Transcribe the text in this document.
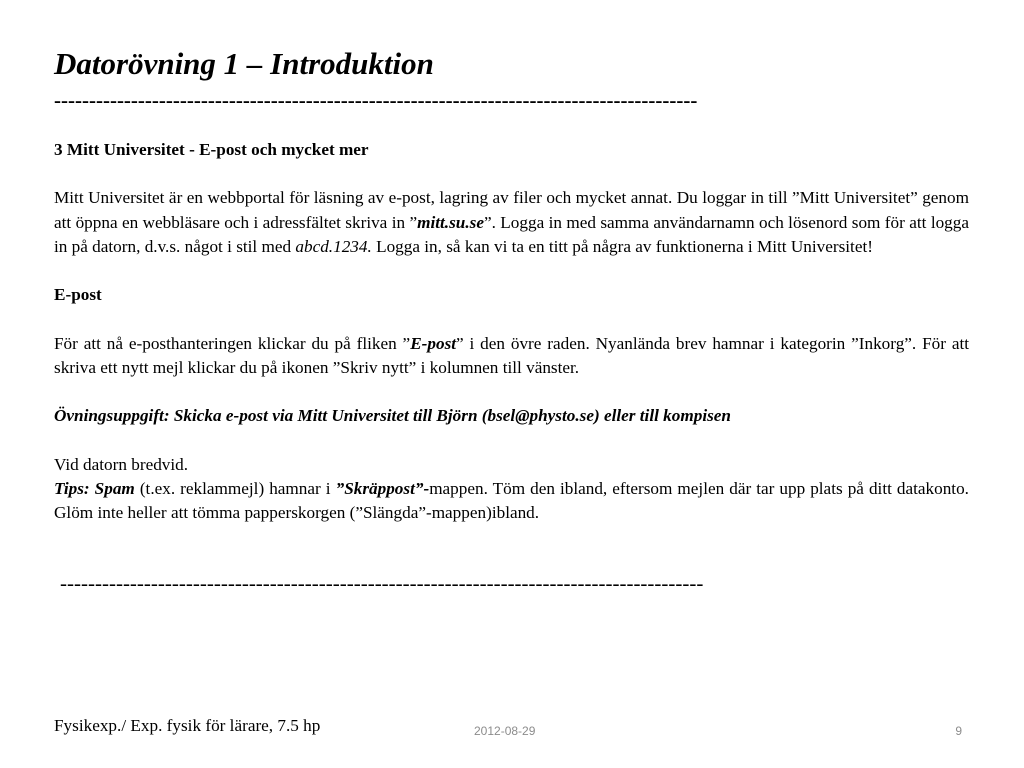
Datorövning 1 – Introduktion
--------------------------------------------------------------------------------------------

3 Mitt Universitet - E-post och mycket mer

Mitt Universitet är en webbportal för läsning av e-post, lagring av filer och mycket annat. Du loggar in till ”Mitt Universitet” genom att öppna en webbläsare och i adressfältet skriva in ”mitt.su.se”. Logga in med samma användarnamn och lösenord som för att logga in på datorn, d.v.s. något i stil med abcd.1234. Logga in, så kan vi ta en titt på några av funktionerna i Mitt Universitet!

E-post

För att nå e-posthanteringen klickar du på fliken ”E-post” i den övre raden. Nyanlända brev hamnar i kategorin ”Inkorg”. För att skriva ett nytt mejl klickar du på ikonen ”Skriv nytt” i kolumnen till vänster.

Övningsuppgift: Skicka e-post via Mitt Universitet till Björn (bsel@physto.se) eller till kompisen

Vid datorn bredvid.

Tips: Spam (t.ex. reklammejl) hamnar i ”Skräppost”-mappen. Töm den ibland, eftersom mejlen där tar upp plats på ditt datakonto. Glöm inte heller att tömma papperskorgen (”Slängda”-mappen)ibland.

--------------------------------------------------------------------------------------------
Fysikexp./ Exp. fysik för lärare, 7.5 hp	2012-08-29	9
